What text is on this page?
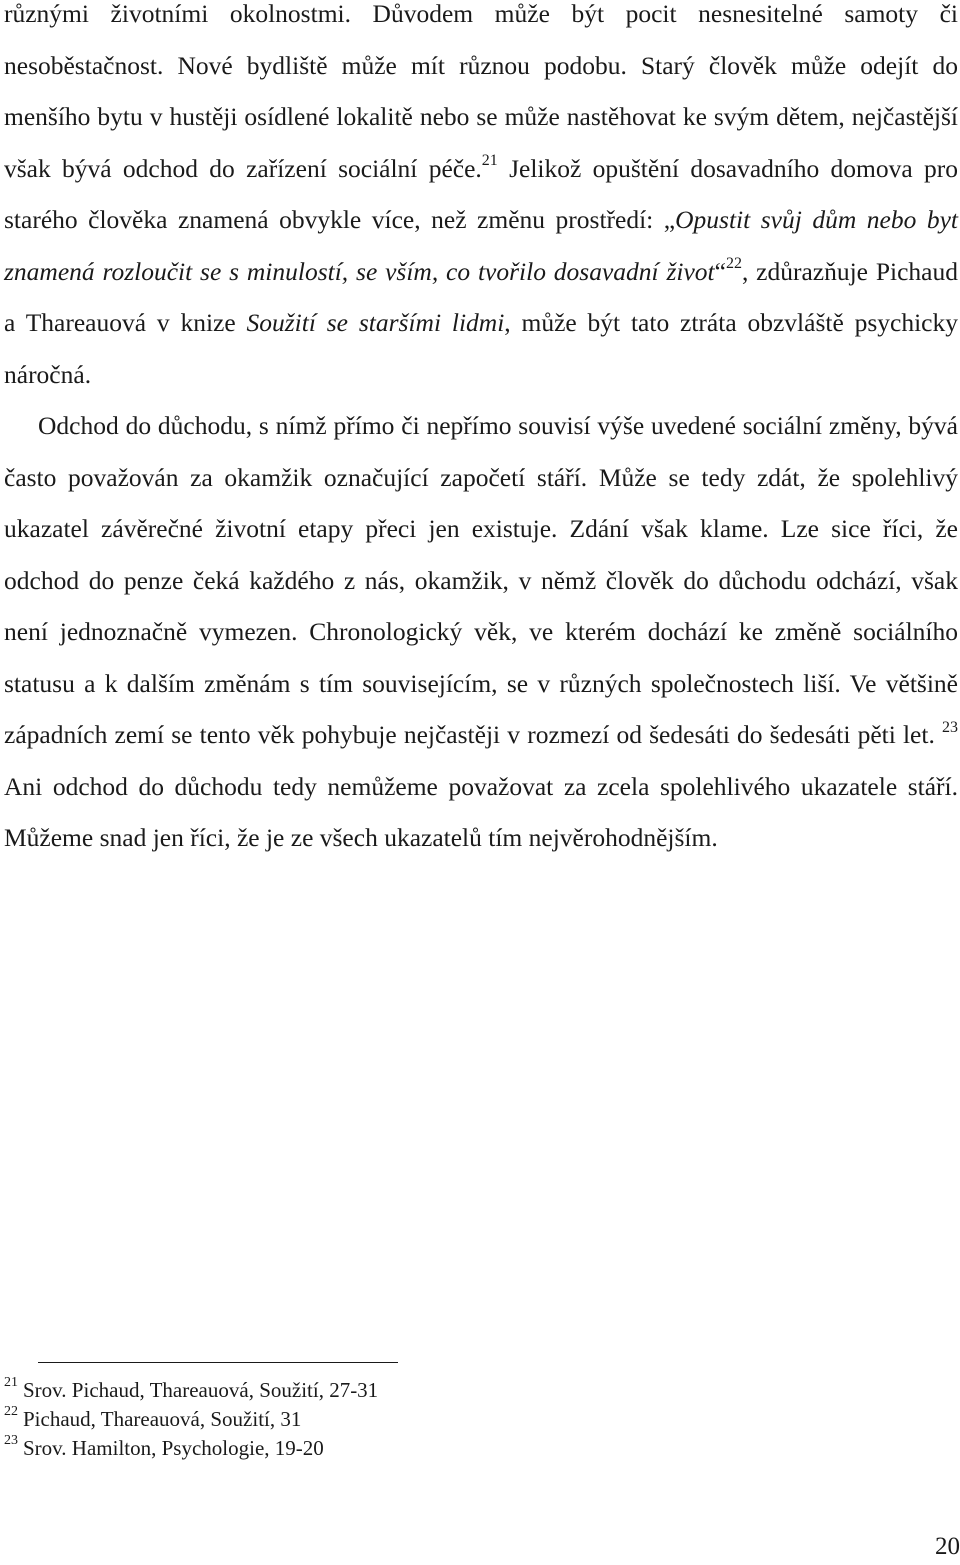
různými životními okolnostmi. Důvodem může být pocit nesnesitelné samoty či nesoběstačnost. Nové bydliště může mít různou podobu. Starý člověk může odejít do menšího bytu v hustěji osídlené lokalitě nebo se může nastěhovat ke svým dětem, nejčastější však bývá odchod do zařízení sociální péče.$^{21}$ Jelikož opuštění dosavadního domova pro starého člověka znamená obvykle více, než změnu prostředí: „Opustit svůj dům nebo byt znamená rozloučit se s minulostí, se vším, co tvořilo dosavadní život“$^{22}$, zdůrazňuje Pichaud a Thareauová v knize Soužití se staršími lidmi, může být tato ztráta obzvláště psychicky náročná.

Odchod do důchodu, s nímž přímo či nepřímo souvisí výše uvedené sociální změny, bývá často považován za okamžik označující započetí stáří. Může se tedy zdát, že spolehlivý ukazatel závěrečné životní etapy přeci jen existuje. Zdání však klame. Lze sice říci, že odchod do penze čeká každého z nás, okamžik, v němž člověk do důchodu odchází, však není jednoznačně vymezen. Chronologický věk, ve kterém dochází ke změně sociálního statusu a k dalším změnám s tím souvisejícím, se v různých společnostech liší. Ve většině západních zemí se tento věk pohybuje nejčastěji v rozmezí od šedesáti do šedesáti pěti let. $^{23}$ Ani odchod do důchodu tedy nemůžeme považovat za zcela spolehlivého ukazatele stáří. Můžeme snad jen říci, že je ze všech ukazatelů tím nejvěrohodnějším.

$^{21}$ Srov. Pichaud, Thareauová, Soužití, 27-31
$^{22}$ Pichaud, Thareauová, Soužití, 31
$^{23}$ Srov. Hamilton, Psychologie, 19-20
20
